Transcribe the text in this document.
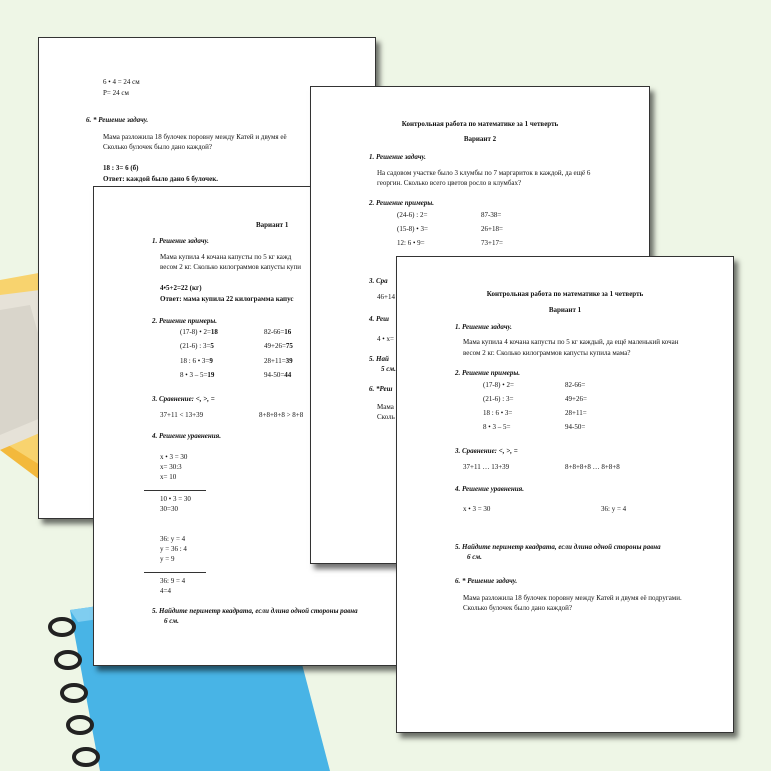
6 • 4 = 24 см
Р= 24 см
6. * Решение задачу.
Мама разложила 18 булочек поровну между Катей и двумя её
Сколько булочек было дано каждой?
18 : 3= 6 (б)
Ответ: каждой было дано 6 булочек.
Вариант 1
1. Решение задачу.
Мама купила 4 кочана капусты по 5 кг кажд
весом 2 кг. Сколько килограммов капусты купи
4•5+2=22 (кг)
Ответ: мама купила 22 килограмма капус
2. Решение примеры.
(17-8) • 2=18	82-66=16
(21-6) : 3=5	49+26=75
18 : 6 • 3=9	28+11=39
8 • 3 – 5=19	94-50=44
3. Сравнение: <, >, =
37+11 < 13+39	8+8+8+8 > 8+8
4. Решение уравнения.
x • 3 = 30
x= 30:3
x= 10
10 • 3 = 30
30=30
36: y = 4
y = 36 : 4
y = 9
36: 9 = 4
4=4
5. Найдите периметр квадрата, если длина одной стороны равна
6 см.
Контрольная работа по математике за 1 четверть
Вариант 2
1. Решение задачу.
На садовом участке было 3 клумбы по 7 маргариток в каждой, да ещё 6
георгин. Сколько всего цветов росло в клумбах?
2. Решение примеры.
(24-6) : 2=	87-38=
(15-8) • 3=	26+18=
12: 6 • 9=	73+17=
3. Сра
46+14
4. Реш
4 • x=
5. Най
5 см.
6. *Реш
Мама
Сколь
Контрольная работа по математике за 1 четверть
Вариант 1
1. Решение задачу.
Мама купила 4 кочана капусты по 5 кг каждый, да ещё маленький кочан
весом 2 кг. Сколько килограммов капусты купила мама?
2. Решение примеры.
(17-8) • 2=	82-66=
(21-6) : 3=	49+26=
18 : 6 • 3=	28+11=
8 • 3 – 5=	94-50=
3. Сравнение: <, >, =
37+11 … 13+39	8+8+8+8 … 8+8+8
4. Решение уравнения.
x • 3 = 30	36: y = 4
5. Найдите периметр квадрата, если длина одной стороны равна
6 см.
6. * Решение задачу.
Мама разложила 18 булочек поровну между Катей и двумя её подругами.
Сколько булочек было дано каждой?
